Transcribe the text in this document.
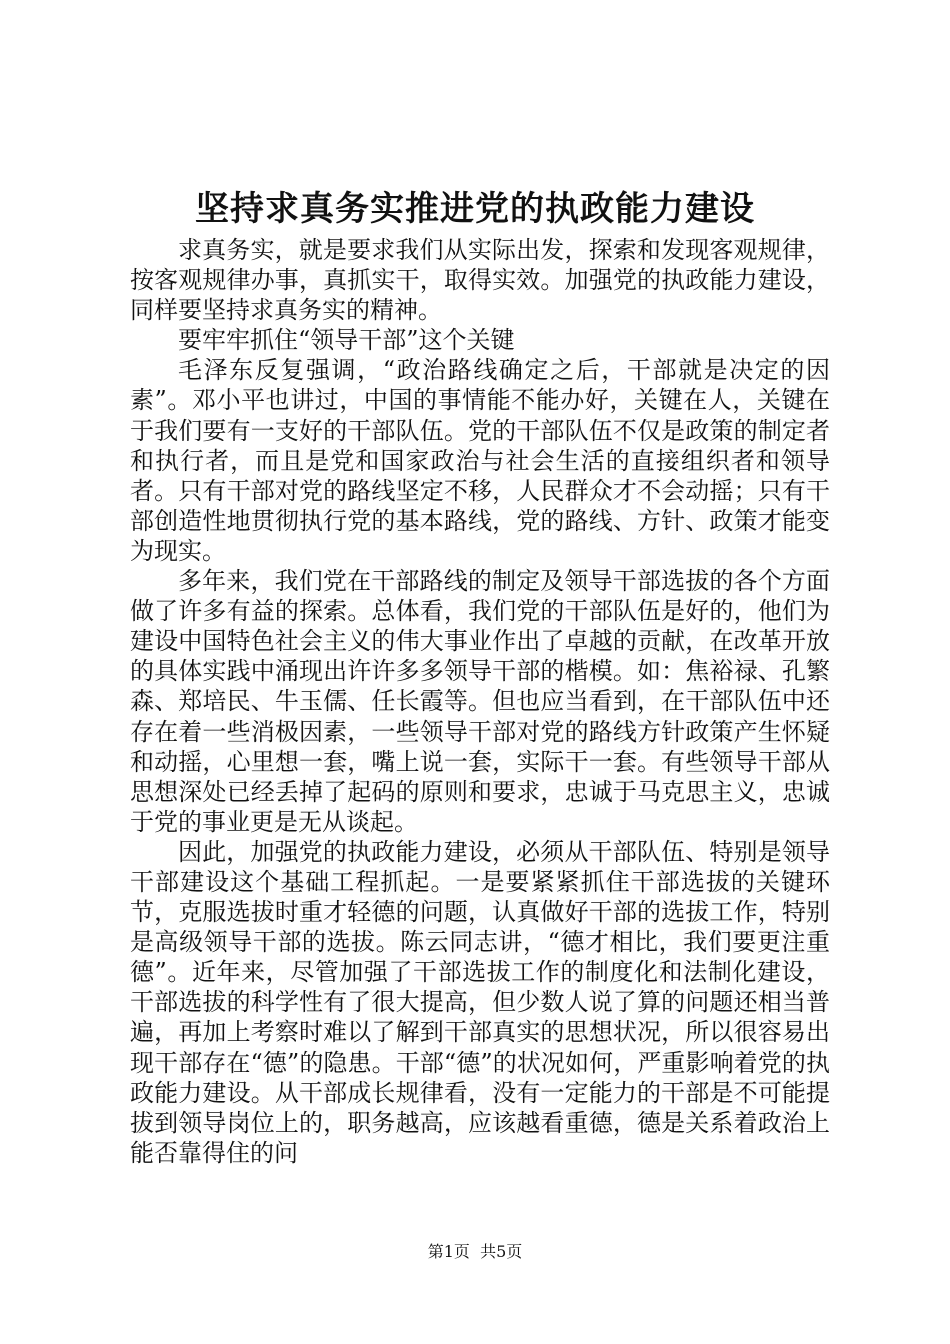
坚持求真务实推进党的执政能力建设

求真务实，就是要求我们从实际出发，探索和发现客观规律，按客观规律办事，真抓实干，取得实效。加强党的执政能力建设，同样要坚持求真务实的精神。

要牢牢抓住“领导干部”这个关键

毛泽东反复强调，“政治路线确定之后，干部就是决定的因素”。邓小平也讲过，中国的事情能不能办好，关键在人，关键在于我们要有一支好的干部队伍。党的干部队伍不仅是政策的制定者和执行者，而且是党和国家政治与社会生活的直接组织者和领导者。只有干部对党的路线坚定不移，人民群众才不会动摇；只有干部创造性地贯彻执行党的基本路线，党的路线、方针、政策才能变为现实。

多年来，我们党在干部路线的制定及领导干部选拔的各个方面做了许多有益的探索。总体看，我们党的干部队伍是好的，他们为建设中国特色社会主义的伟大事业作出了卓越的贡献，在改革开放的具体实践中涌现出许许多多领导干部的楷模。如：焦裕禄、孔繁森、郑培民、牛玉儒、任长霞等。但也应当看到，在干部队伍中还存在着一些消极因素，一些领导干部对党的路线方针政策产生怀疑和动摇，心里想一套，嘴上说一套，实际干一套。有些领导干部从思想深处已经丢掉了起码的原则和要求，忠诚于马克思主义，忠诚于党的事业更是无从谈起。

因此，加强党的执政能力建设，必须从干部队伍、特别是领导干部建设这个基础工程抓起。一是要紧紧抓住干部选拔的关键环节，克服选拔时重才轻德的问题，认真做好干部的选拔工作，特别是高级领导干部的选拔。陈云同志讲，“德才相比，我们要更注重德”。近年来，尽管加强了干部选拔工作的制度化和法制化建设，干部选拔的科学性有了很大提高，但少数人说了算的问题还相当普遍，再加上考察时难以了解到干部真实的思想状况，所以很容易出现干部存在“德”的隐患。干部“德”的状况如何，严重影响着党的执政能力建设。从干部成长规律看，没有一定能力的干部是不可能提拔到领导岗位上的，职务越高，应该越看重德，德是关系着政治上能否靠得住的问

第1页 共5页
